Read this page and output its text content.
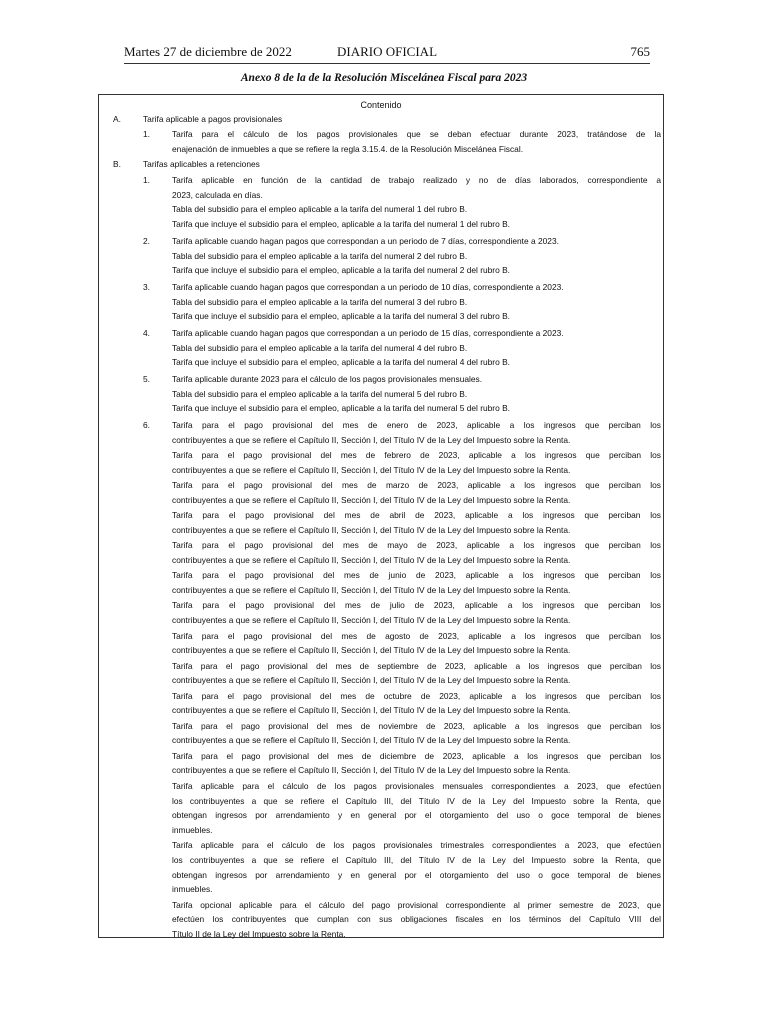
Martes 27 de diciembre de 2022	DIARIO OFICIAL	765
Anexo 8 de la de la Resolución Miscelánea Fiscal para 2023
Contenido
A.	Tarifa aplicable a pagos provisionales
1.	Tarifa para el cálculo de los pagos provisionales que se deban efectuar durante 2023, tratándose de la
enajenación de inmuebles a que se refiere la regla 3.15.4. de la Resolución Miscelánea Fiscal.
B.	Tarifas aplicables a retenciones
1.	Tarifa aplicable en función de la cantidad de trabajo realizado y no de días laborados, correspondiente a
2023, calculada en días.
Tabla del subsidio para el empleo aplicable a la tarifa del numeral 1 del rubro B.
Tarifa que incluye el subsidio para el empleo, aplicable a la tarifa del numeral 1 del rubro B.
2.	Tarifa aplicable cuando hagan pagos que correspondan a un periodo de 7 días, correspondiente a 2023.
Tabla del subsidio para el empleo aplicable a la tarifa del numeral 2 del rubro B.
Tarifa que incluye el subsidio para el empleo, aplicable a la tarifa del numeral 2 del rubro B.
3.	Tarifa aplicable cuando hagan pagos que correspondan a un periodo de 10 días, correspondiente a 2023.
Tabla del subsidio para el empleo aplicable a la tarifa del numeral 3 del rubro B.
Tarifa que incluye el subsidio para el empleo, aplicable a la tarifa del numeral 3 del rubro B.
4.	Tarifa aplicable cuando hagan pagos que correspondan a un periodo de 15 días, correspondiente a 2023.
Tabla del subsidio para el empleo aplicable a la tarifa del numeral 4 del rubro B.
Tarifa que incluye el subsidio para el empleo, aplicable a la tarifa del numeral 4 del rubro B.
5.	Tarifa aplicable durante 2023 para el cálculo de los pagos provisionales mensuales.
Tabla del subsidio para el empleo aplicable a la tarifa del numeral 5 del rubro B.
Tarifa que incluye el subsidio para el empleo, aplicable a la tarifa del numeral 5 del rubro B.
6.	Tarifa para el pago provisional del mes de enero de 2023, aplicable a los ingresos que perciban los
contribuyentes a que se refiere el Capítulo II, Sección I, del Título IV de la Ley del Impuesto sobre la Renta.
Tarifa para el pago provisional del mes de febrero de 2023, aplicable a los ingresos que perciban los
contribuyentes a que se refiere el Capítulo II, Sección I, del Título IV de la Ley del Impuesto sobre la Renta.
Tarifa para el pago provisional del mes de marzo de 2023, aplicable a los ingresos que perciban los
contribuyentes a que se refiere el Capítulo II, Sección I, del Título IV de la Ley del Impuesto sobre la Renta.
Tarifa para el pago provisional del mes de abril de 2023, aplicable a los ingresos que perciban los
contribuyentes a que se refiere el Capítulo II, Sección I, del Título IV de la Ley del Impuesto sobre la Renta.
Tarifa para el pago provisional del mes de mayo de 2023, aplicable a los ingresos que perciban los
contribuyentes a que se refiere el Capítulo II, Sección I, del Título IV de la Ley del Impuesto sobre la Renta.
Tarifa para el pago provisional del mes de junio de 2023, aplicable a los ingresos que perciban los
contribuyentes a que se refiere el Capítulo II, Sección I, del Título IV de la Ley del Impuesto sobre la Renta.
Tarifa para el pago provisional del mes de julio de 2023, aplicable a los ingresos que perciban los
contribuyentes a que se refiere el Capítulo II, Sección I, del Título IV de la Ley del Impuesto sobre la Renta.
Tarifa para el pago provisional del mes de agosto de 2023, aplicable a los ingresos que perciban los
contribuyentes a que se refiere el Capítulo II, Sección I, del Título IV de la Ley del Impuesto sobre la Renta.
Tarifa para el pago provisional del mes de septiembre de 2023, aplicable a los ingresos que perciban los
contribuyentes a que se refiere el Capítulo II, Sección I, del Título IV de la Ley del Impuesto sobre la Renta.
Tarifa para el pago provisional del mes de octubre de 2023, aplicable a los ingresos que perciban los
contribuyentes a que se refiere el Capítulo II, Sección I, del Título IV de la Ley del Impuesto sobre la Renta.
Tarifa para el pago provisional del mes de noviembre de 2023, aplicable a los ingresos que perciban los
contribuyentes a que se refiere el Capítulo II, Sección I, del Título IV de la Ley del Impuesto sobre la Renta.
Tarifa para el pago provisional del mes de diciembre de 2023, aplicable a los ingresos que perciban los
contribuyentes a que se refiere el Capítulo II, Sección I, del Título IV de la Ley del Impuesto sobre la Renta.
Tarifa aplicable para el cálculo de los pagos provisionales mensuales correspondientes a 2023, que efectúen
los contribuyentes a que se refiere el Capítulo III, del Título IV de la Ley del Impuesto sobre la Renta, que
obtengan ingresos por arrendamiento y en general por el otorgamiento del uso o goce temporal de bienes
inmuebles.
Tarifa aplicable para el cálculo de los pagos provisionales trimestrales correspondientes a 2023, que efectúen
los contribuyentes a que se refiere el Capítulo III, del Título IV de la Ley del Impuesto sobre la Renta, que
obtengan ingresos por arrendamiento y en general por el otorgamiento del uso o goce temporal de bienes
inmuebles.
Tarifa opcional aplicable para el cálculo del pago provisional correspondiente al primer semestre de 2023, que
efectúen los contribuyentes que cumplan con sus obligaciones fiscales en los términos del Capítulo VIII del
Título II de la Ley del Impuesto sobre la Renta.
